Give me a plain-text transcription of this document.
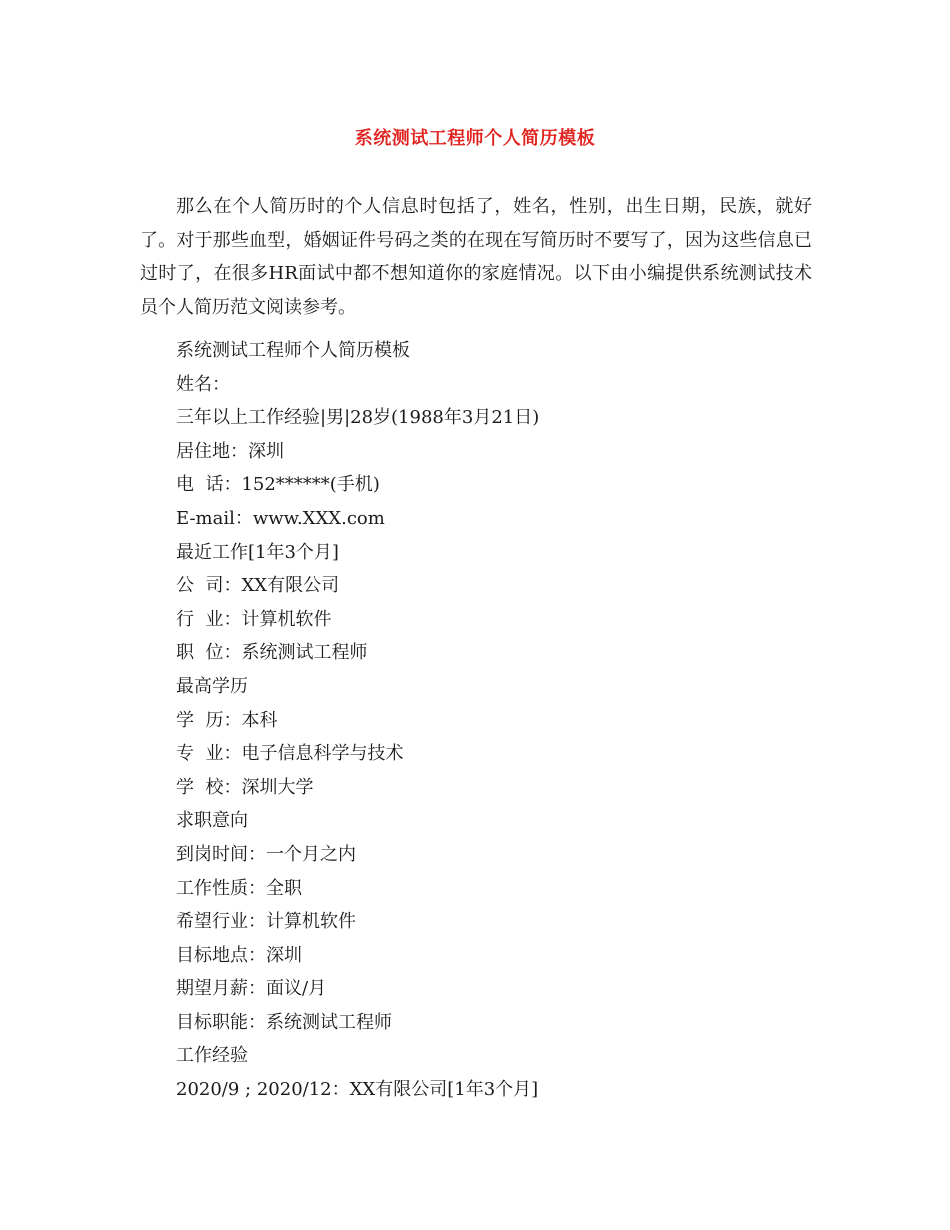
系统测试工程师个人简历模板

那么在个人简历时的个人信息时包括了，姓名，性别，出生日期，民族，就好了。对于那些血型，婚姻证件号码之类的在现在写简历时不要写了，因为这些信息已过时了，在很多HR面试中都不想知道你的家庭情况。以下由小编提供系统测试技术员个人简历范文阅读参考。

系统测试工程师个人简历模板
姓名：
三年以上工作经验|男|28岁(1988年3月21日)
居住地：深圳
电  话：152******(手机)
E-mail：www.XXX.com
最近工作[1年3个月]
公  司：XX有限公司
行  业：计算机软件
职  位：系统测试工程师
最高学历
学  历：本科
专  业：电子信息科学与技术
学  校：深圳大学
求职意向
到岗时间：一个月之内
工作性质：全职
希望行业：计算机软件
目标地点：深圳
期望月薪：面议/月
目标职能：系统测试工程师
工作经验
2020/9 ; 2020/12：XX有限公司[1年3个月]
